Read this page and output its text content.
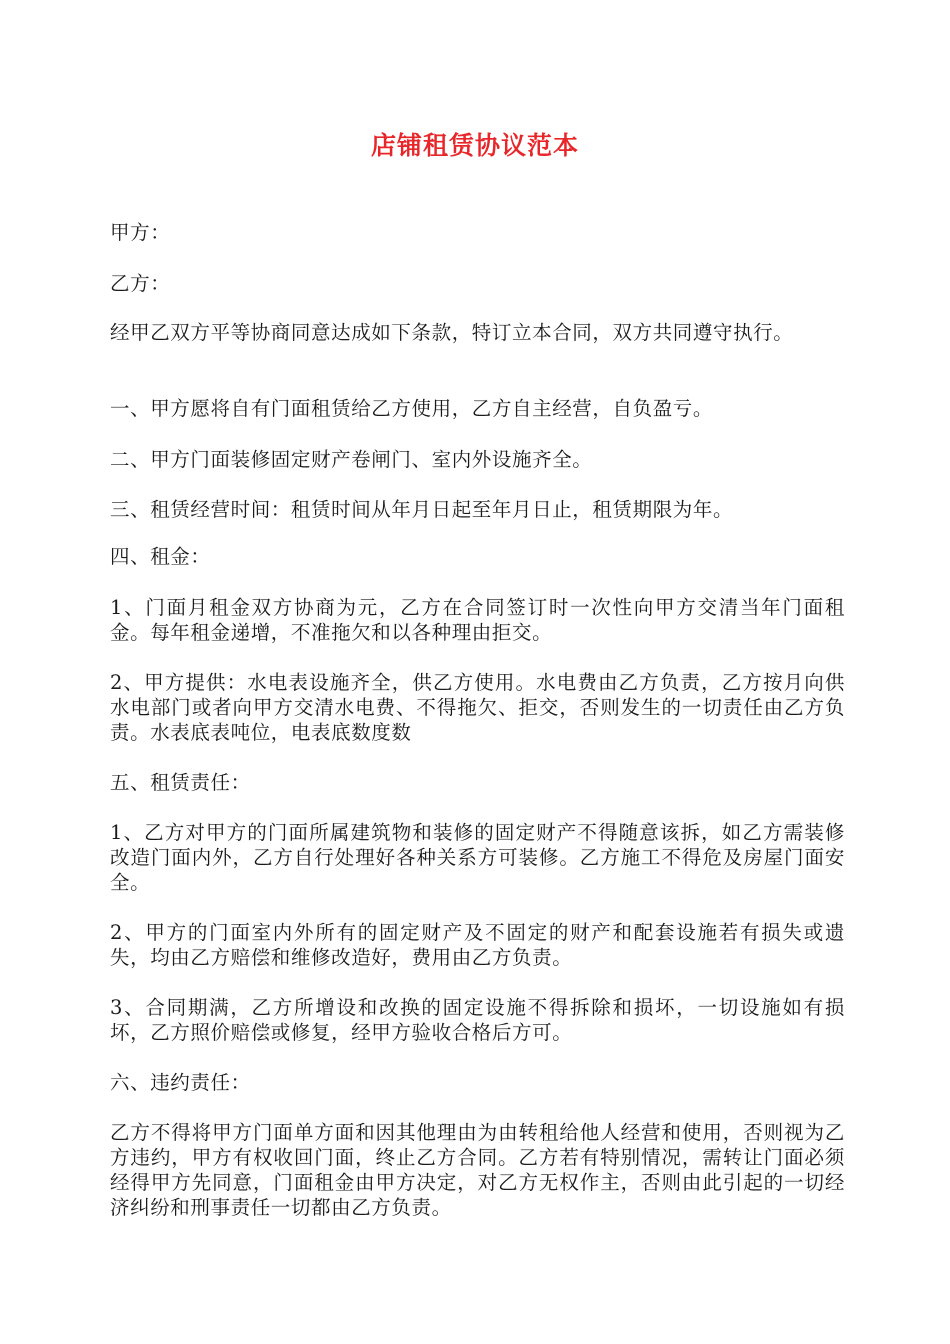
店铺租赁协议范本

甲方：

乙方：

经甲乙双方平等协商同意达成如下条款，特订立本合同，双方共同遵守执行。

一、甲方愿将自有门面租赁给乙方使用，乙方自主经营，自负盈亏。

二、甲方门面装修固定财产卷闸门、室内外设施齐全。

三、租赁经营时间：租赁时间从年月日起至年月日止，租赁期限为年。

四、租金：

1、门面月租金双方协商为元，乙方在合同签订时一次性向甲方交清当年门面租金。每年租金递增，不准拖欠和以各种理由拒交。

2、甲方提供：水电表设施齐全，供乙方使用。水电费由乙方负责，乙方按月向供水电部门或者向甲方交清水电费、不得拖欠、拒交，否则发生的一切责任由乙方负责。水表底表吨位，电表底数度数

五、租赁责任：

1、乙方对甲方的门面所属建筑物和装修的固定财产不得随意该拆，如乙方需装修改造门面内外，乙方自行处理好各种关系方可装修。乙方施工不得危及房屋门面安全。

2、甲方的门面室内外所有的固定财产及不固定的财产和配套设施若有损失或遗失，均由乙方赔偿和维修改造好，费用由乙方负责。

3、合同期满，乙方所增设和改换的固定设施不得拆除和损坏，一切设施如有损坏，乙方照价赔偿或修复，经甲方验收合格后方可。

六、违约责任：

乙方不得将甲方门面单方面和因其他理由为由转租给他人经营和使用，否则视为乙方违约，甲方有权收回门面，终止乙方合同。乙方若有特别情况，需转让门面必须经得甲方先同意，门面租金由甲方决定，对乙方无权作主，否则由此引起的一切经济纠纷和刑事责任一切都由乙方负责。
